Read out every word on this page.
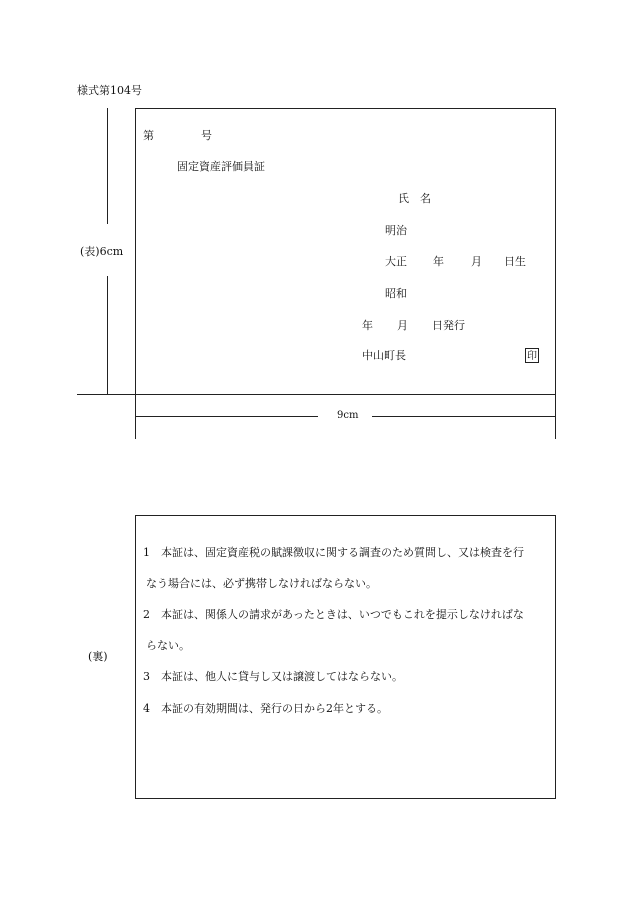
様式第104号
(表)6cm
9cm
第	号
固定資産評価員証
氏　名
明治
大正 年 月 日生
昭和
年 月 日発行
中山町長	印
(裏)
1　本証は、固定資産税の賦課徴収に関する調査のため質問し、又は検査を行
なう場合には、必ず携帯しなければならない。
2　本証は、関係人の請求があったときは、いつでもこれを提示しなければな
らない。
3　本証は、他人に貸与し又は譲渡してはならない。
4　本証の有効期間は、発行の日から2年とする。
